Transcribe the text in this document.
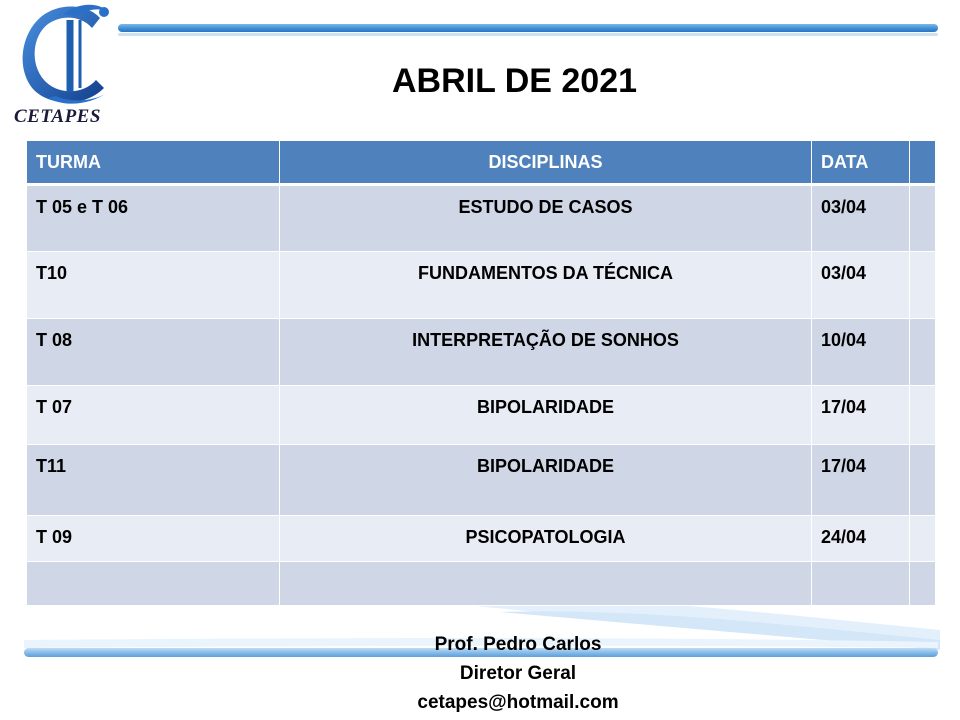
CETAPES
ABRIL DE 2021
TURMA	DISCIPLINAS	DATA	
T 05 e T 06	ESTUDO DE CASOS	03/04	
T10	FUNDAMENTOS DA TÉCNICA	03/04	
T 08	INTERPRETAÇÃO DE SONHOS	10/04	
T 07	BIPOLARIDADE	17/04	
T11	BIPOLARIDADE	17/04	
T 09	PSICOPATOLOGIA	24/04	

Prof. Pedro Carlos
Diretor Geral
cetapes@hotmail.com
